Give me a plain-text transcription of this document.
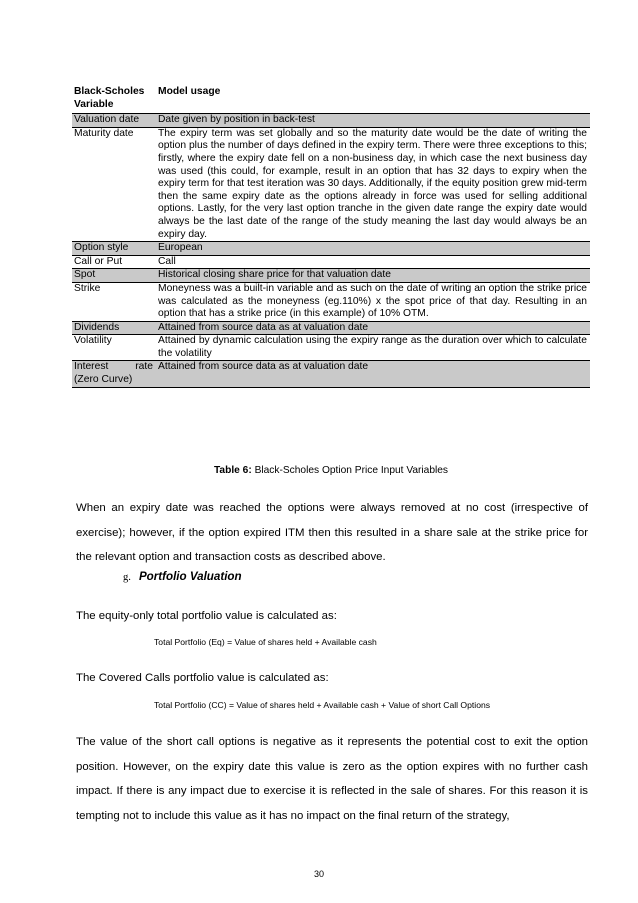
Black-Scholes Variable	Model usage
Valuation date	Date given by position in back-test
Maturity date	The expiry term was set globally and so the maturity date would be the date of writing the option plus the number of days defined in the expiry term. There were three exceptions to this; firstly, where the expiry date fell on a non-business day, in which case the next business day was used (this could, for example, result in an option that has 32 days to expiry when the expiry term for that test iteration was 30 days. Additionally, if the equity position grew mid-term then the same expiry date as the options already in force was used for selling additional options. Lastly, for the very last option tranche in the given date range the expiry date would always be the last date of the range of the study meaning the last day would always be an expiry day.
Option style	European
Call or Put	Call
Spot	Historical closing share price for that valuation date
Strike	Moneyness was a built-in variable and as such on the date of writing an option the strike price was calculated as the moneyness (eg.110%) x the spot price of that day. Resulting in an option that has a strike price (in this example) of 10% OTM.
Dividends	Attained from source data as at valuation date
Volatility	Attained by dynamic calculation using the expiry range as the duration over which to calculate the volatility
Interest rate (Zero Curve)	Attained from source data as at valuation date
Table 6: Black-Scholes Option Price Input Variables

When an expiry date was reached the options were always removed at no cost (irrespective of exercise); however, if the option expired ITM then this resulted in a share sale at the strike price for the relevant option and transaction costs as described above.

g. Portfolio Valuation

The equity-only total portfolio value is calculated as:

Total Portfolio (Eq) = Value of shares held + Available cash

The Covered Calls portfolio value is calculated as:

Total Portfolio (CC) = Value of shares held + Available cash + Value of short Call Options

The value of the short call options is negative as it represents the potential cost to exit the option position. However, on the expiry date this value is zero as the option expires with no further cash impact. If there is any impact due to exercise it is reflected in the sale of shares. For this reason it is tempting not to include this value as it has no impact on the final return of the strategy,

30
